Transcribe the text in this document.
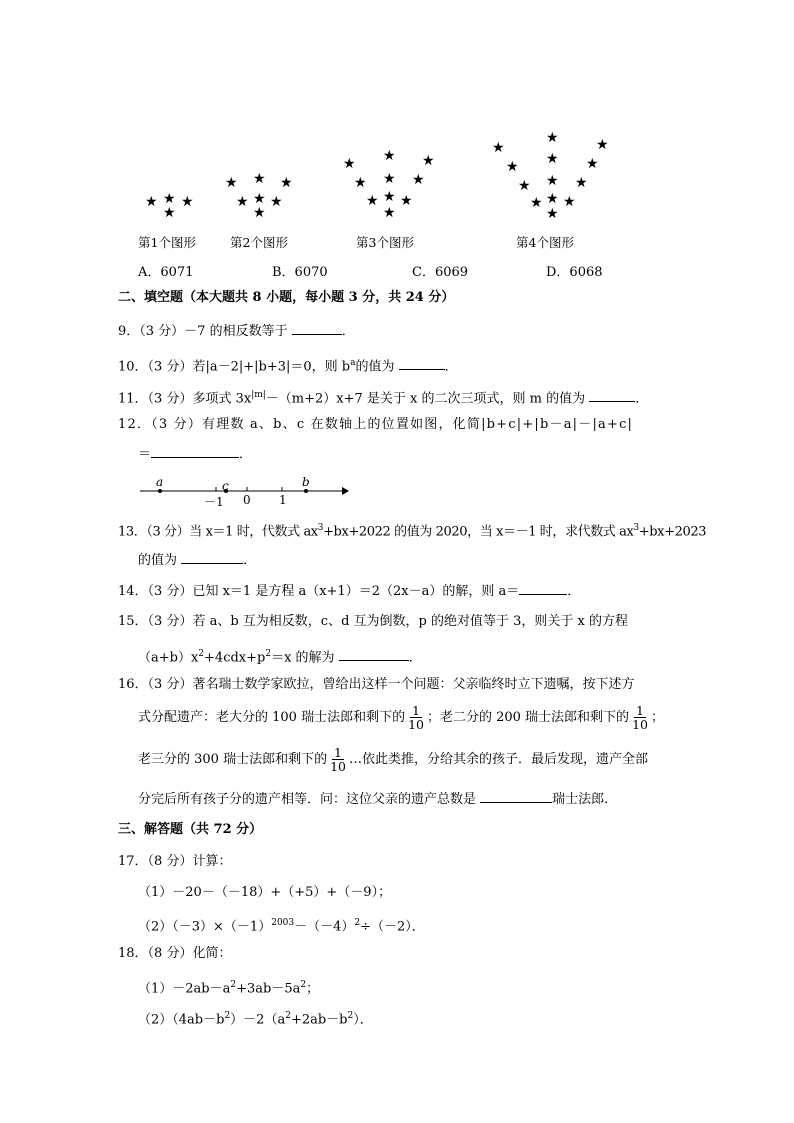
★ ★ ★
★
★ ★ ★
★ ★ ★
★
★ ★ ★
★ ★ ★
★ ★ ★
★
★
★	★
★ ★ ★
★ ★ ★
★ ★ ★
★
第1个图形	第2个图形	第3个图形	第4个图形
A．6071	B．6070	C．6069	D．6068
二、填空题（本大题共 8 小题，每小题 3 分，共 24 分）
9．（3 分）－7 的相反数等于	．
10．（3 分）若|a－2|+|b+3|＝0，则 $b^a$的值为	．
11．（3 分）多项式 $3x^{|m|}-(m+2)x+7$ 是关于 x 的二次三项式，则 m 的值为	．
12．（3 分）有理数 a、b、c 在数轴上的位置如图，化简|b+c|+|b－a|－|a+c|
＝	．
a	c	b
－1 0 1
13．（3 分）当 x＝1 时，代数式 $ax^3+bx+2022$ 的值为 2020，当 x＝－1 时，求代数式 $ax^3+bx+2023$
的值为	．
14．（3 分）已知 x＝1 是方程 a（x+1）＝2（2x－a）的解，则 a＝	．
15．（3 分）若 a、b 互为相反数，c、d 互为倒数，p 的绝对值等于 3，则关于 x 的方程
$(a+b)x^2+4cdx+p^2=x$ 的解为	．
16．（3 分）著名瑞士数学家欧拉，曾给出这样一个问题：父亲临终时立下遗嘱，按下述方
式分配遗产：老大分的 100 瑞士法郎和剩下的 $\frac{1}{10}$ ；老二分的 200 瑞士法郎和剩下的 $\frac{1}{10}$ ；
老三分的 300 瑞士法郎和剩下的 $\frac{1}{10}$ …依此类推，分给其余的孩子．最后发现，遗产全部
分完后所有孩子分的遗产相等．问：这位父亲的遗产总数是	瑞士法郎．
三、解答题（共 72 分）
17．（8 分）计算：
（1）－20－（－18）+（+5）+（－9）；
$(2)(-3)\times(-1)^{2003}-(-4)^2\div(-2)$．
18．（8 分）化简：
$(1)-2ab-a^2+3ab-5a^2$；
$(2)(4ab-b^2)-2(a^2+2ab-b^2)$．
